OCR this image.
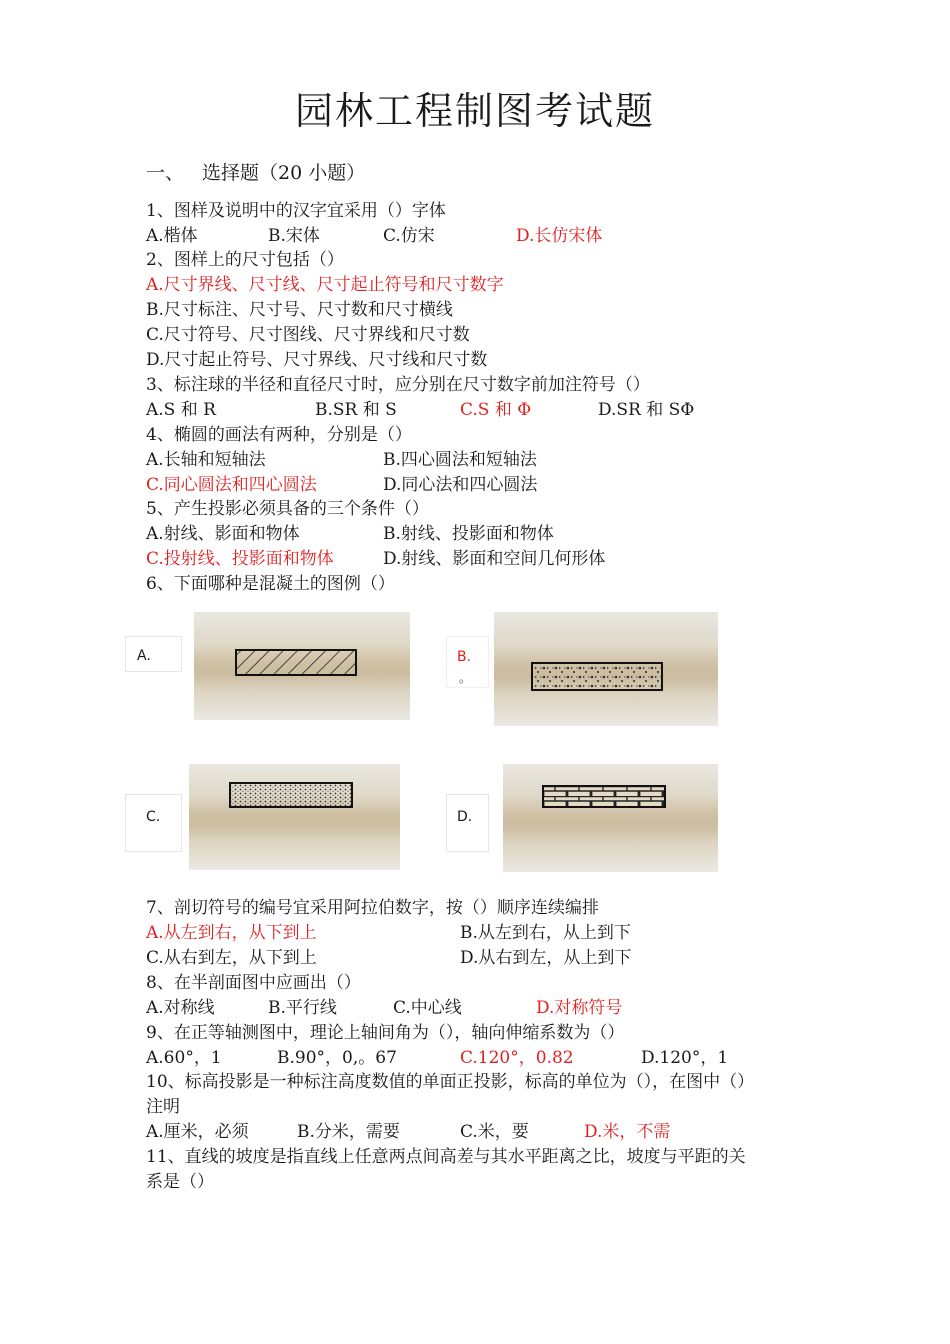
园林工程制图考试题
一、 选择题（20 小题）
1、图样及说明中的汉字宜采用（）字体
A.楷体	B.宋体	C.仿宋	D.长仿宋体
2、图样上的尺寸包括（）
A.尺寸界线、尺寸线、尺寸起止符号和尺寸数字
B.尺寸标注、尺寸号、尺寸数和尺寸横线
C.尺寸符号、尺寸图线、尺寸界线和尺寸数
D.尺寸起止符号、尺寸界线、尺寸线和尺寸数
3、标注球的半径和直径尺寸时，应分别在尺寸数字前加注符号（）
A.S 和 R	B.SR 和 S	C.S 和 Φ	D.SR 和 SΦ
4、椭圆的画法有两种，分别是（）
A.长轴和短轴法	B.四心圆法和短轴法
C.同心圆法和四心圆法	D.同心法和四心圆法
5、产生投影必须具备的三个条件（）
A.射线、影面和物体	B.射线、投影面和物体
C.投射线、投影面和物体	D.射线、影面和空间几何形体
6、下面哪种是混凝土的图例（）
A.	B.
。
C.	D.
7、剖切符号的编号宜采用阿拉伯数字，按（）顺序连续编排
A.从左到右，从下到上	B.从左到右，从上到下
C.从右到左，从下到上	D.从右到左，从上到下
8、在半剖面图中应画出（）
A.对称线	B.平行线	C.中心线	D.对称符号
9、在正等轴测图中，理论上轴间角为（），轴向伸缩系数为（）
A.60°，1	B.90°，0,。67	C.120°，0.82	D.120°，1
10、标高投影是一种标注高度数值的单面正投影，标高的单位为（），在图中（）
注明
A.厘米，必须	B.分米，需要	C.米，要	D.米，不需
11、直线的坡度是指直线上任意两点间高差与其水平距离之比，坡度与平距的关
系是（）
